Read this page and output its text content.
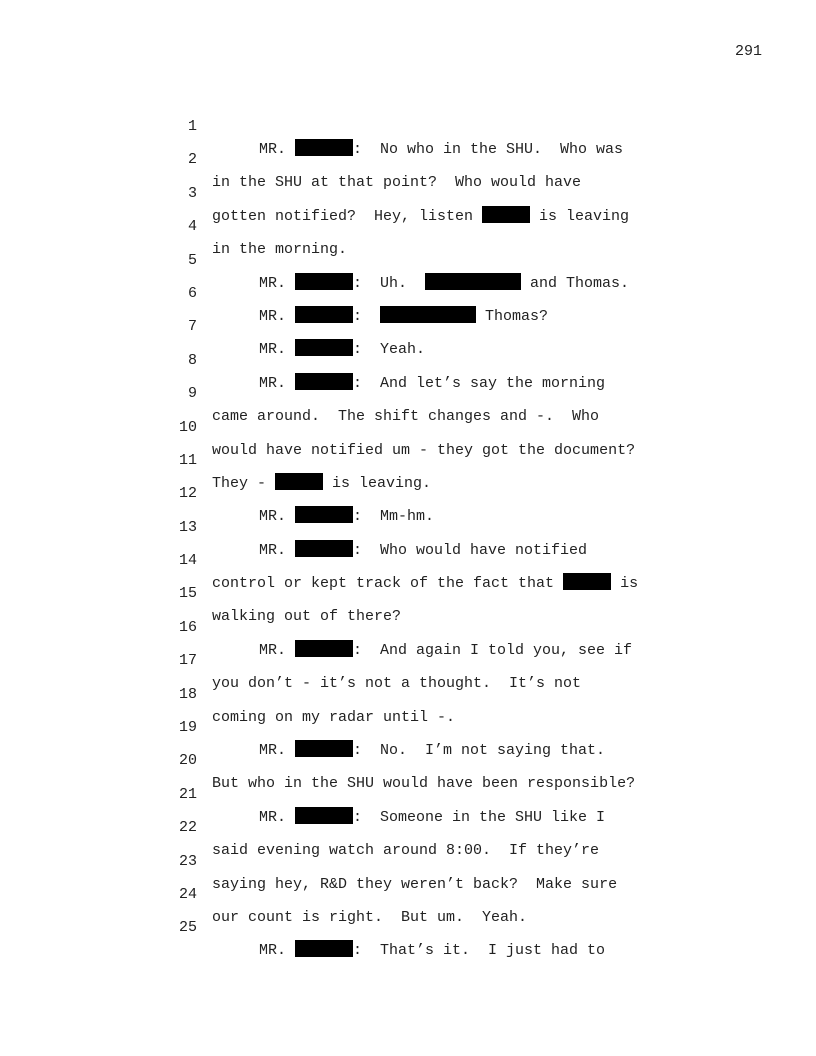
291

1

MR.	:  No who in the SHU.  Who was

2

in the SHU at that point?  Who would have

3

gotten notified?  Hey, listen	is leaving

4

in the morning.

5

MR.	:  Uh.	and Thomas.

6

MR.	:	Thomas?

7

MR.	:  Yeah.

8

MR.	:  And let’s say the morning

9

came around.  The shift changes and -.  Who

10

would have notified um - they got the document?

11

They -	is leaving.

12

MR.	:  Mm-hm.

13

MR.	:  Who would have notified

14

control or kept track of the fact that	is

15

walking out of there?

16

MR.	:  And again I told you, see if

17

you don’t - it’s not a thought.  It’s not

18

coming on my radar until -.

19

MR.	:  No.  I’m not saying that.

20

But who in the SHU would have been responsible?

21

MR.	:  Someone in the SHU like I

22

said evening watch around 8:00.  If they’re

23

saying hey, R&D they weren’t back?  Make sure

24

our count is right.  But um.  Yeah.

25

MR.	:  That’s it.  I just had to
